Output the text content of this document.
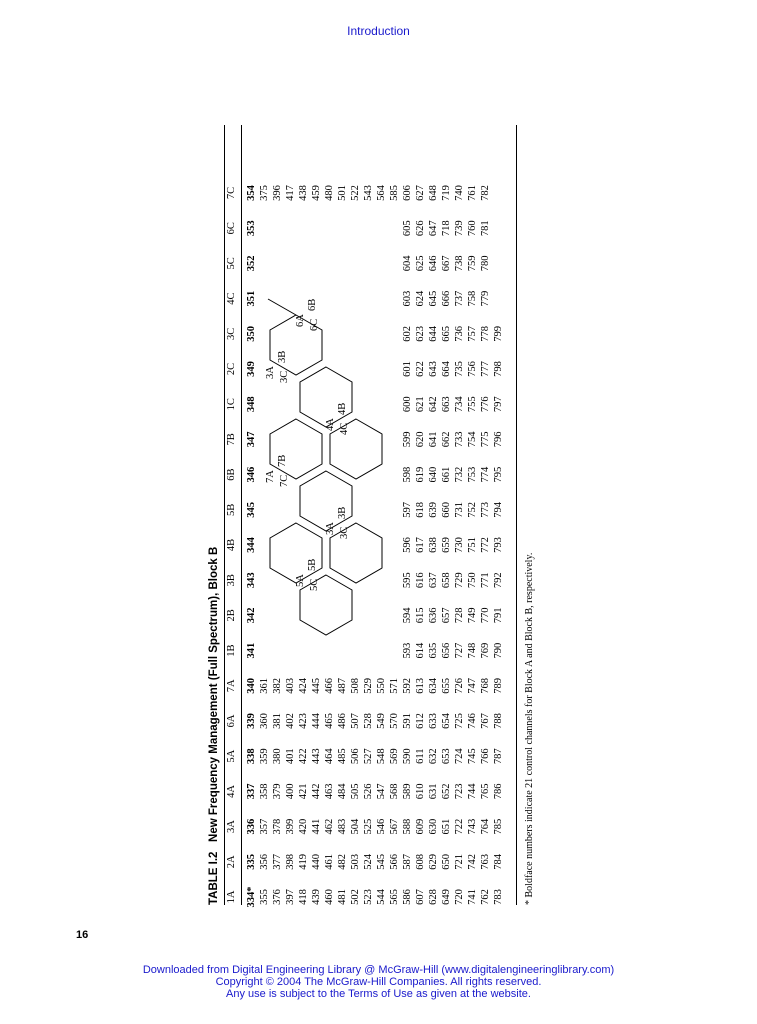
Introduction
TABLE I.2   New Frequency Management (Full Spectrum), Block B
1A
2A
3A
4A
5A
6A
7A
1B
2B
3B
4B
5B
6B
7B
1C
2C
3C
4C
5C
6C
7C
334*
335
336
337
338
339
340
355
356
357
358
359
360
361
376
377
378
379
380
381
382
397
398
399
400
401
402
403
418
419
420
421
422
423
424
439
440
441
442
443
444
445
460
461
462
463
464
465
466
481
482
483
484
485
486
487
502
503
504
505
506
507
508
523
524
525
526
527
528
529
544
545
546
547
548
549
550
565
566
567
568
569
570
571
586
587
588
589
590
591
592
607
608
609
610
611
612
613
628
629
630
631
632
633
634
649
650
651
652
653
654
655
720
721
722
723
724
725
726
741
742
743
744
745
746
747
762
763
764
765
766
767
768
783
784
785
786
787
788
789
341
342
343
344
345
346
347
348
349
350
351
352
353
354 375 396 417 438 459 480 501 522 543 564 585 606 627 648 719 740 761 782
593
594
595
596
597
598
599
600
601
602
603
604
605
614
615
616
617
618
619
620
621
622
623
624
625
626
635
636
637
638
639
640
641
642
643
644
645
646
647
656
657
658
659
660
661
662
663
664
665
666
667
718
727
728
729
730
731
732
733
734
735
736
737
738
739
748
749
750
751
752
753
754
755
756
757
758
759
760
769
770
771
772
773
774
775
776
777
778
779
780
781
790
791
792
793
794
795
796
797
798
799
3A
3B
3C
5A
5B
5C
4A
4B
4C
7A
7B
7C
3A
3B
3C
6A
6B
6C
* Boldface numbers indicate 21 control channels for Block A and Block B, respectively.
16
Downloaded from Digital Engineering Library @ McGraw-Hill (www.digitalengineeringlibrary.com)
Copyright © 2004 The McGraw-Hill Companies. All rights reserved.
Any use is subject to the Terms of Use as given at the website.
